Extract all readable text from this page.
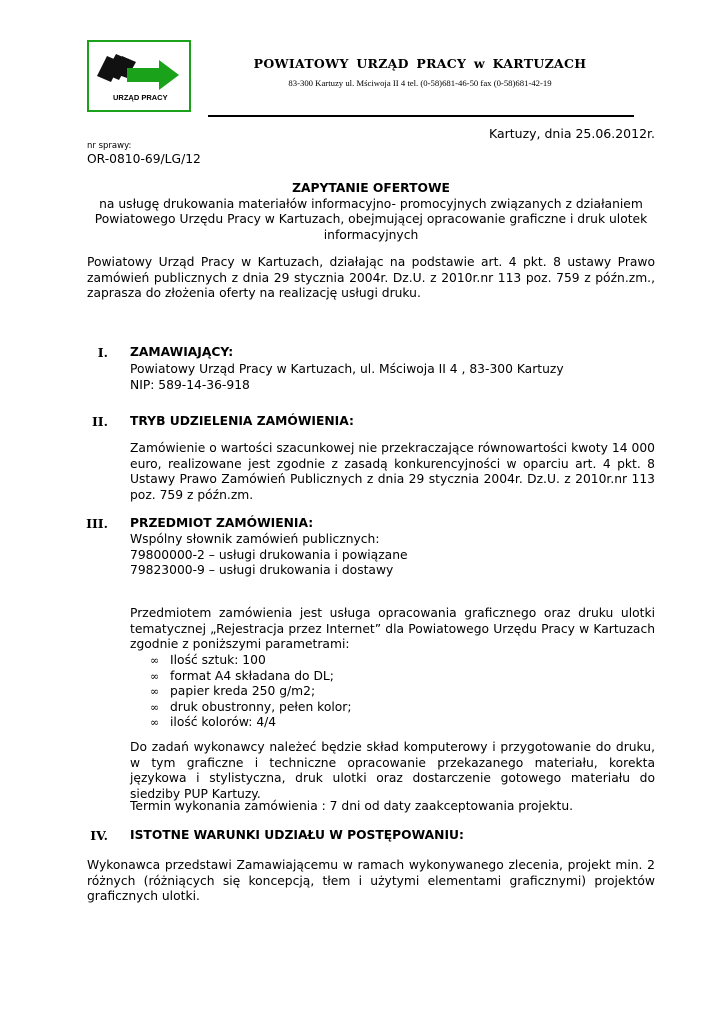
URZĄD PRACY
POWIATOWY URZĄD PRACY w KARTUZACH
83-300 Kartuzy ul. Mściwoja II 4 tel. (0-58)681-46-50 fax (0-58)681-42-19
Kartuzy, dnia 25.06.2012r.
nr sprawy:
OR-0810-69/LG/12
ZAPYTANIE OFERTOWE
na usługę drukowania materiałów informacyjno- promocyjnych związanych z działaniem
Powiatowego Urzędu Pracy w Kartuzach, obejmującej opracowanie graficzne i druk ulotek
informacyjnych

Powiatowy Urząd Pracy w Kartuzach, działając na podstawie art. 4 pkt. 8 ustawy Prawo zamówień publicznych z dnia 29 stycznia 2004r. Dz.U. z 2010r.nr 113 poz. 759 z późn.zm., zaprasza do złożenia oferty na realizację usługi druku.

I. ZAMAWIAJĄCY:
Powiatowy Urząd Pracy w Kartuzach, ul. Mściwoja II 4 , 83-300 Kartuzy
NIP: 589-14-36-918
II. TRYB UDZIELENIA ZAMÓWIENIA:

Zamówienie o wartości szacunkowej nie przekraczające równowartości kwoty 14 000 euro, realizowane jest zgodnie z zasadą konkurencyjności w oparciu art. 4 pkt. 8 Ustawy Prawo Zamówień Publicznych z dnia 29 stycznia 2004r. Dz.U. z 2010r.nr 113 poz. 759 z późn.zm.

III. PRZEDMIOT ZAMÓWIENIA:
Wspólny słownik zamówień publicznych:
79800000-2 – usługi drukowania i powiązane
79823000-9 – usługi drukowania i dostawy

Przedmiotem zamówienia jest usługa opracowania graficznego oraz druku ulotki tematycznej „Rejestracja przez Internet” dla Powiatowego Urzędu Pracy w Kartuzach zgodnie z poniższymi parametrami:

∞ Ilość sztuk: 100
∞ format A4 składana do DL;
∞ papier kreda 250 g/m2;
∞ druk obustronny, pełen kolor;
∞ ilość kolorów: 4/4

Do zadań wykonawcy należeć będzie skład komputerowy i przygotowanie do druku, w tym graficzne i techniczne opracowanie przekazanego materiału, korekta językowa i stylistyczna, druk ulotki oraz dostarczenie gotowego materiału do siedziby PUP Kartuzy.

Termin wykonania zamówienia : 7 dni od daty zaakceptowania projektu.

IV. ISTOTNE WARUNKI UDZIAŁU W POSTĘPOWANIU:

Wykonawca przedstawi Zamawiającemu w ramach wykonywanego zlecenia, projekt min. 2 różnych (różniących się koncepcją, tłem i użytymi elementami graficznymi) projektów graficznych ulotki.
